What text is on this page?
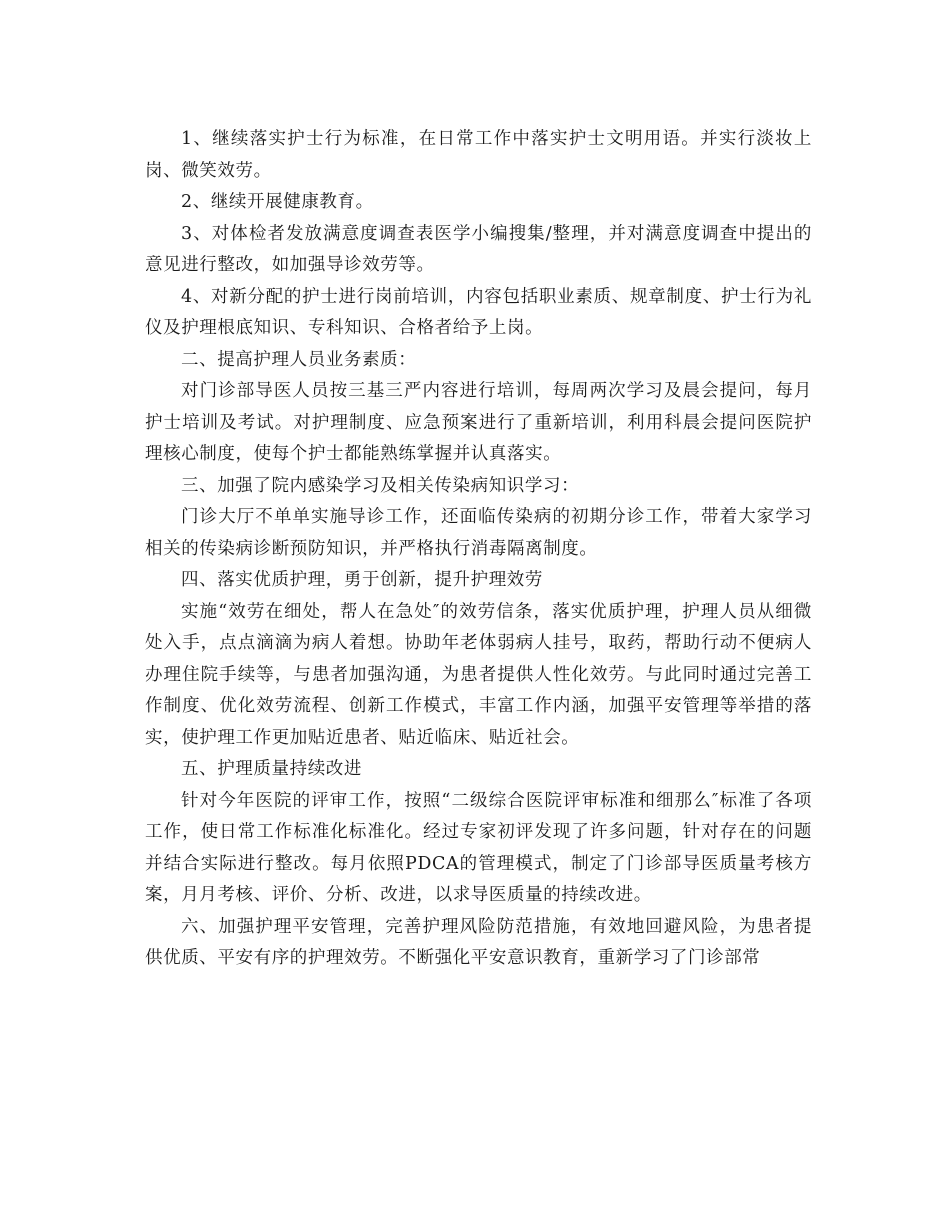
1、继续落实护士行为标准，在日常工作中落实护士文明用语。并实行淡妆上岗、微笑效劳。

2、继续开展健康教育。

3、对体检者发放满意度调查表医学小编搜集/整理，并对满意度调查中提出的意见进行整改，如加强导诊效劳等。

4、对新分配的护士进行岗前培训，内容包括职业素质、规章制度、护士行为礼仪及护理根底知识、专科知识、合格者给予上岗。

二、提高护理人员业务素质：

对门诊部导医人员按三基三严内容进行培训，每周两次学习及晨会提问，每月护士培训及考试。对护理制度、应急预案进行了重新培训，利用科晨会提问医院护理核心制度，使每个护士都能熟练掌握并认真落实。

三、加强了院内感染学习及相关传染病知识学习：

门诊大厅不单单实施导诊工作，还面临传染病的初期分诊工作，带着大家学习相关的传染病诊断预防知识，并严格执行消毒隔离制度。

四、落实优质护理，勇于创新，提升护理效劳

实施“效劳在细处，帮人在急处″的效劳信条，落实优质护理，护理人员从细微处入手，点点滴滴为病人着想。协助年老体弱病人挂号，取药，帮助行动不便病人办理住院手续等，与患者加强沟通，为患者提供人性化效劳。与此同时通过完善工作制度、优化效劳流程、创新工作模式，丰富工作内涵，加强平安管理等举措的落实，使护理工作更加贴近患者、贴近临床、贴近社会。

五、护理质量持续改进

针对今年医院的评审工作，按照“二级综合医院评审标准和细那么″标准了各项工作，使日常工作标准化标准化。经过专家初评发现了许多问题，针对存在的问题并结合实际进行整改。每月依照PDCA的管理模式，制定了门诊部导医质量考核方案，月月考核、评价、分析、改进，以求导医质量的持续改进。

六、加强护理平安管理，完善护理风险防范措施，有效地回避风险，为患者提供优质、平安有序的护理效劳。不断强化平安意识教育，重新学习了门诊部常
